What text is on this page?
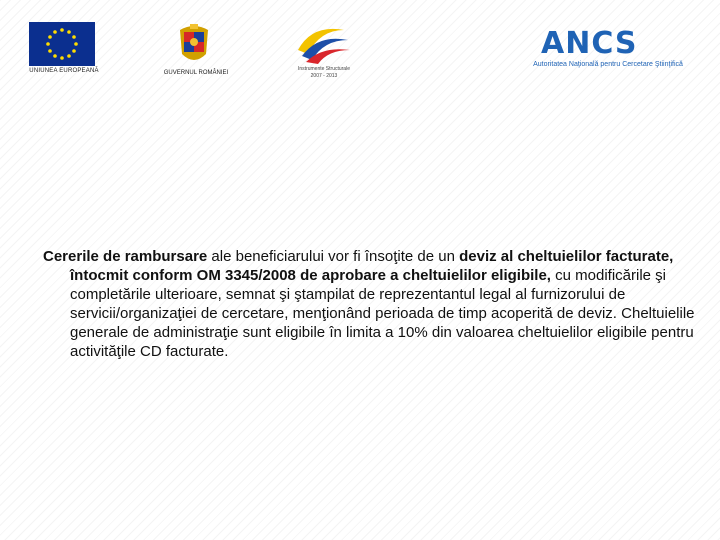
UNIUNEA EUROPEANĂ	GUVERNUL ROMÂNIEI
Instrumente Structurale
2007 - 2013
ANCS
Autoritatea Naţională pentru Cercetare Ştiinţifică
Cererile de rambursare ale beneficiarului vor fi însoţite de un deviz al cheltuielilor facturate, întocmit conform OM 3345/2008 de aprobare a cheltuielilor eligibile, cu modificările şi completările ulterioare, semnat şi ştampilat de reprezentantul legal al furnizorului de servicii/organizaţiei de cercetare, menţionând perioada de timp acoperită de deviz. Cheltuielile generale de administraţie sunt eligibile în limita a 10% din valoarea cheltuielilor eligibile pentru activităţile CD facturate.
